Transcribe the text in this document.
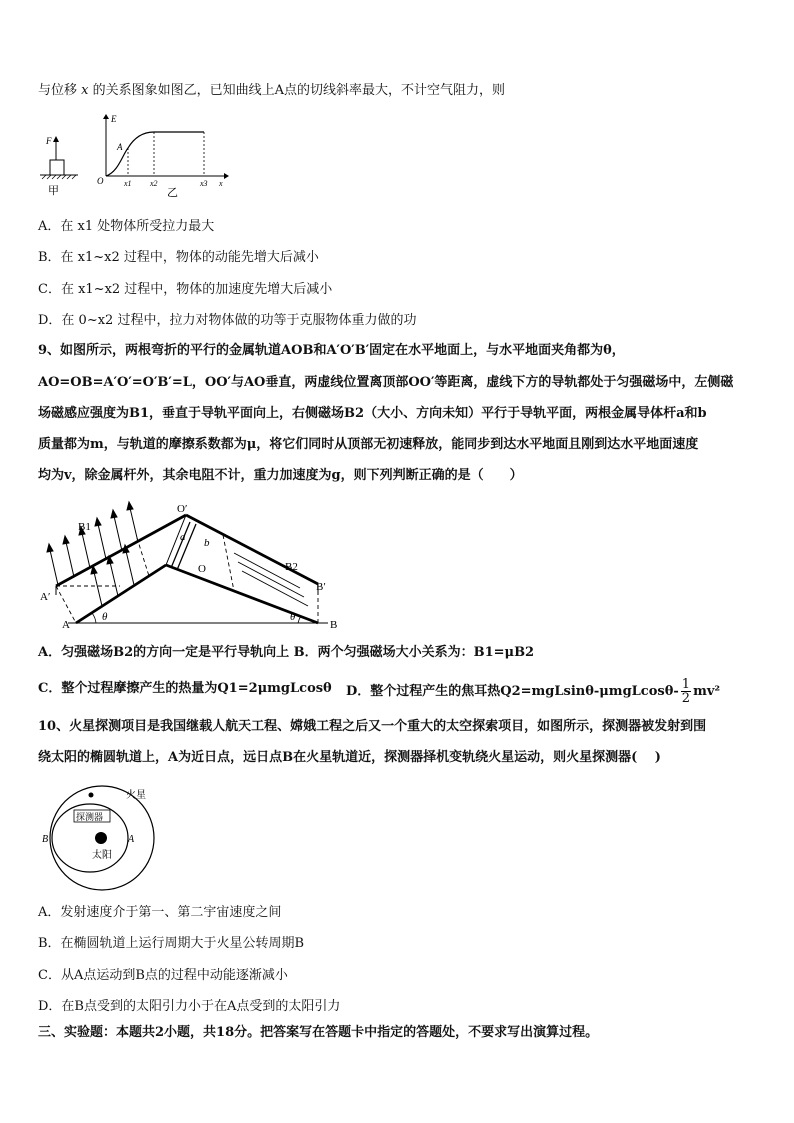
与位移 x 的关系图象如图乙，已知曲线上A点的切线斜率最大，不计空气阻力，则
F
甲
E
O
A
x1 x2	x3 x
乙
A．在 x1 处物体所受拉力最大
B．在 x1~x2 过程中，物体的动能先增大后减小
C．在 x1~x2 过程中，物体的加速度先增大后减小
D．在 0~x2 过程中，拉力对物体做的功等于克服物体重力做的功
9、如图所示，两根弯折的平行的金属轨道AOB和A′O′B′固定在水平地面上，与水平地面夹角都为θ，
AO=OB=A′O′=O′B′=L，OO′与AO垂直，两虚线位置离顶部OO′等距离，虚线下方的导轨都处于匀强磁场中，左侧磁
场磁感应强度为B1，垂直于导轨平面向上，右侧磁场B2（大小、方向未知）平行于导轨平面，两根金属导体杆a和b
质量都为m，与轨道的摩擦系数都为μ，将它们同时从顶部无初速释放，能同步到达水平地面且刚到达水平地面速度
均为v，除金属杆外，其余电阻不计，重力加速度为g，则下列判断正确的是（　　）
O′
O
a b
B1
B2
A′
A
B′
B
θ	θ
A．匀强磁场B2的方向一定是平行导轨向上 B．两个匀强磁场大小关系为：B1=μB2
C．整个过程摩擦产生的热量为Q1=2μmgLcosθ D．整个过程产生的焦耳热$Q2=mgLsin\theta-\mu mgLcos\theta- \frac{1}{2} mv^2$
10、火星探测项目是我国继载人航天工程、嫦娥工程之后又一个重大的太空探索项目，如图所示，探测器被发射到围
绕太阳的椭圆轨道上，A为近日点，远日点B在火星轨道近，探测器择机变轨绕火星运动，则火星探测器(　 )
火星
探测器
B	A
太阳
A．发射速度介于第一、第二宇宙速度之间
B．在椭圆轨道上运行周期大于火星公转周期B
C．从A点运动到B点的过程中动能逐渐减小
D．在B点受到的太阳引力小于在A点受到的太阳引力
三、实验题：本题共2小题，共18分。把答案写在答题卡中指定的答题处，不要求写出演算过程。
